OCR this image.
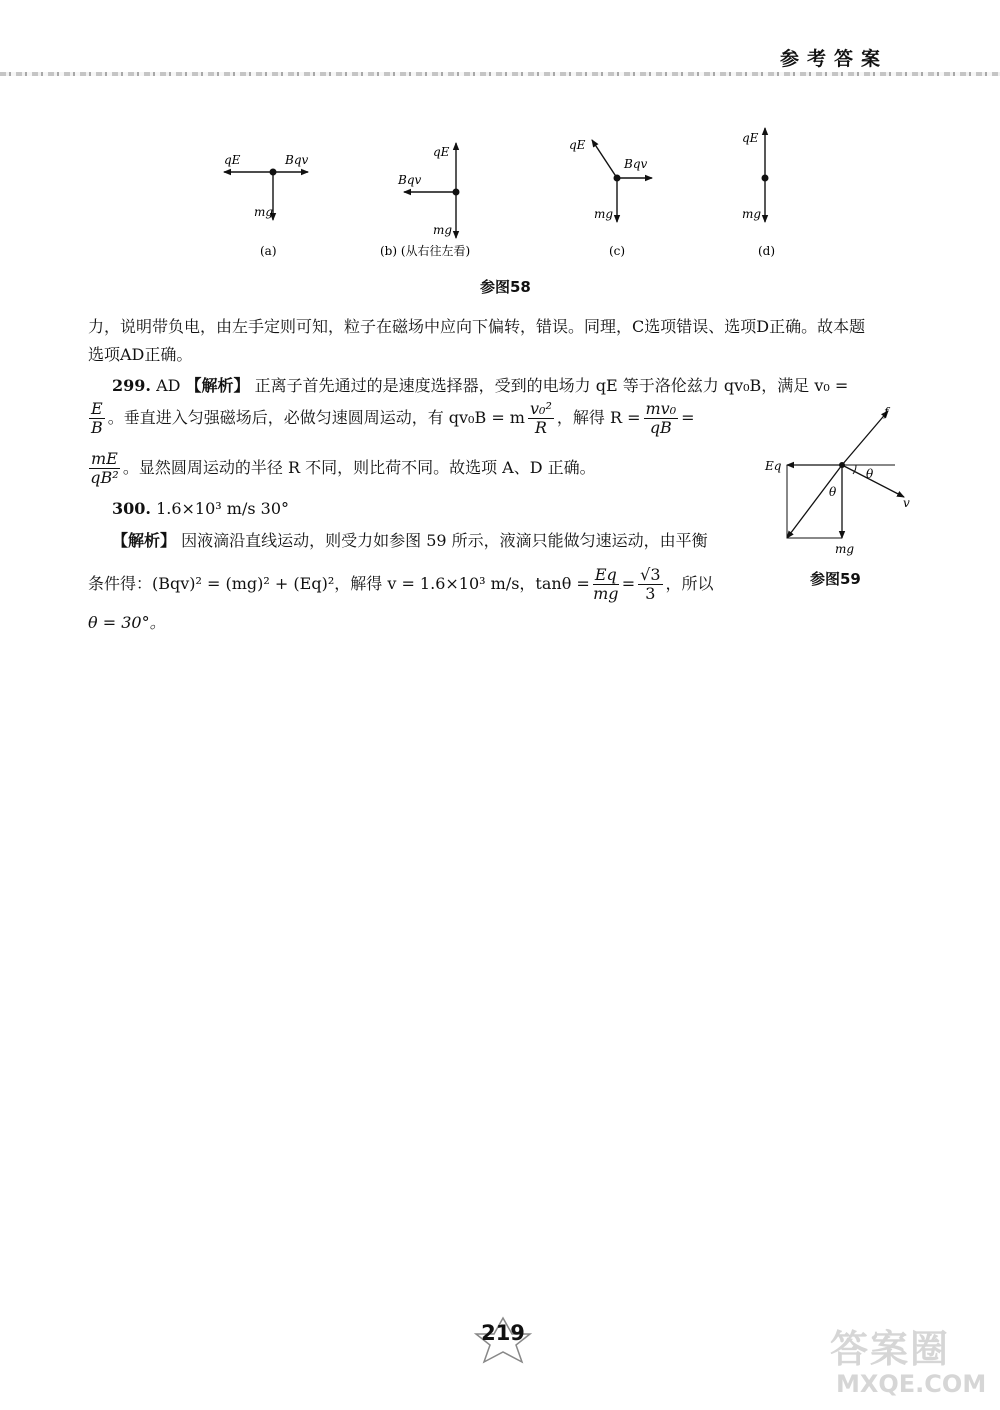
参考答案
qE	Bqv
mg
(a)
qE
Bqv
mg
(b) (从右往左看)
qE
Bqv
mg
(c)
qE
mg
(d)
参图58
力，说明带负电，由左手定则可知，粒子在磁场中应向下偏转，错误。同理，C选项错误、选项D正确。故本题
选项AD正确。
299. AD 【解析】 正离子首先通过的是速度选择器，受到的电场力 qE 等于洛伦兹力 qv₀B，满足 v₀ =
$\frac{E}{B}$ 。垂直进入匀强磁场后，必做匀速圆周运动，有 qv₀B = m $\frac{\text{v₀²}}{R}$ ，解得 $R = \frac{\text{mv₀}}{qB}$ =
$\frac{mE}{\text{qB²}}$ 。显然圆周运动的半径 R 不同，则比荷不同。故选项 A、D 正确。
300. 1.6×10³ m/s 30°
【解析】 因液滴沿直线运动，则受力如参图 59 所示，液滴只能做匀速运动，由平衡
条件得：(Bqv)² = (mg)² + (Eq)²，解得 v = 1.6×10³ m/s，$\tan\theta = \frac{Eq}{mg} = \frac{√3}{3}$ ，所以
θ = 30°。
Eq
f
θ
θ
v
mg
参图59
219	答案圈
MXQE.COM
